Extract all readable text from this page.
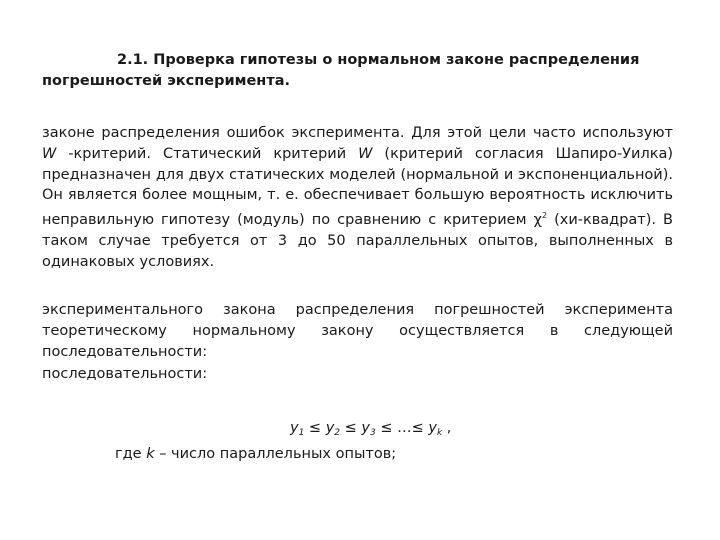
2.1. Проверка гипотезы о нормальном законе распределения
погрешностей эксперимента.
законе распределения ошибок эксперимента. Для этой цели часто используют W -критерий. Статический критерий W (критерий согласия Шапиро-Уилка) предназначен для двух статических моделей (нормальной и экспоненциальной). Он является более мощным, т. е. обеспечивает большую вероятность исключить неправильную гипотезу (модуль) по сравнению с критерием $\chi^2$ (хи-квадрат). В таком случае требуется от 3 до 50 параллельных опытов, выполненных в одинаковых условиях.
экспериментального закона распределения погрешностей эксперимента теоретическому нормальному закону осуществляется в следующей последовательности:
последовательности:
$y_1 \le y_2 \le y_3$ ≤ …≤ $y_k$ ,
где k – число параллельных опытов;
